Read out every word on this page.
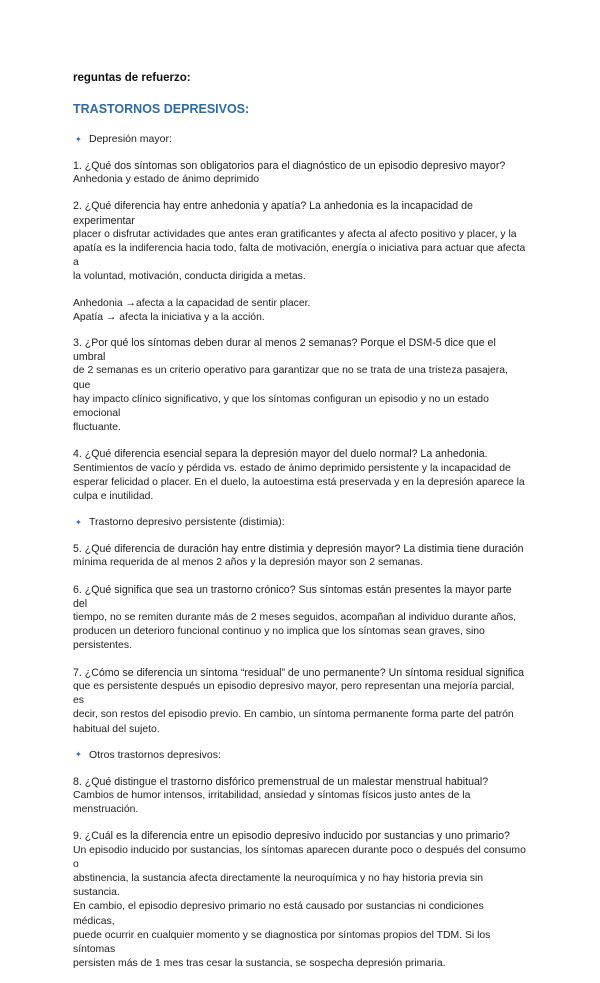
reguntas de refuerzo:

TRASTORNOS DEPRESIVOS:

✦ Depresión mayor:

1. ¿Qué dos síntomas son obligatorios para el diagnóstico de un episodio depresivo mayor?

Anhedonia y estado de ánimo deprimido

2. ¿Qué diferencia hay entre anhedonia y apatía? La anhedonia es la incapacidad de experimentar

placer o disfrutar actividades que antes eran gratificantes y afecta al afecto positivo y placer, y la

apatía es la indiferencia hacia todo, falta de motivación, energía o iniciativa para actuar que afecta a

la voluntad, motivación, conducta dirigida a metas.

Anhedonia →afecta a la capacidad de sentir placer.

Apatía → afecta la iniciativa y a la acción.

3. ¿Por qué los síntomas deben durar al menos 2 semanas? Porque el DSM-5 dice que el umbral

de 2 semanas es un criterio operativo para garantizar que no se trata de una tristeza pasajera, que

hay impacto clínico significativo, y que los síntomas configuran un episodio y no un estado emocional

fluctuante.

4. ¿Qué diferencia esencial separa la depresión mayor del duelo normal? La anhedonia.

Sentimientos de vacío y pérdida vs. estado de ánimo deprimido persistente y la incapacidad de

esperar felicidad o placer. En el duelo, la autoestima está preservada y en la depresión aparece la

culpa e inutilidad.

✦ Trastorno depresivo persistente (distimia):

5. ¿Qué diferencia de duración hay entre distimia y depresión mayor? La distimia tiene duración

mínima requerida de al menos 2 años y la depresión mayor son 2 semanas.

6. ¿Qué significa que sea un trastorno crónico? Sus síntomas están presentes la mayor parte del

tiempo, no se remiten durante más de 2 meses seguidos, acompañan al individuo durante años,

producen un deterioro funcional continuo y no implica que los síntomas sean graves, sino

persistentes.

7. ¿Cómo se diferencia un síntoma “residual” de uno permanente? Un síntoma residual significa

que es persistente después un episodio depresivo mayor, pero representan una mejoría parcial, es

decir, son restos del episodio previo. En cambio, un síntoma permanente forma parte del patrón

habitual del sujeto.

✦ Otros trastornos depresivos:

8. ¿Qué distingue el trastorno disfórico premenstrual de un malestar menstrual habitual?

Cambios de humor intensos, irritabilidad, ansiedad y síntomas físicos justo antes de la menstruación.

9. ¿Cuál es la diferencia entre un episodio depresivo inducido por sustancias y uno primario?

Un episodio inducido por sustancias, los síntomas aparecen durante poco o después del consumo o

abstinencia, la sustancia afecta directamente la neuroquímica y no hay historia previa sin sustancia.

En cambio, el episodio depresivo primario no está causado por sustancias ni condiciones médicas,

puede ocurrir en cualquier momento y se diagnostica por síntomas propios del TDM. Si los síntomas

persisten más de 1 mes tras cesar la sustancia, se sospecha depresión primaria.
